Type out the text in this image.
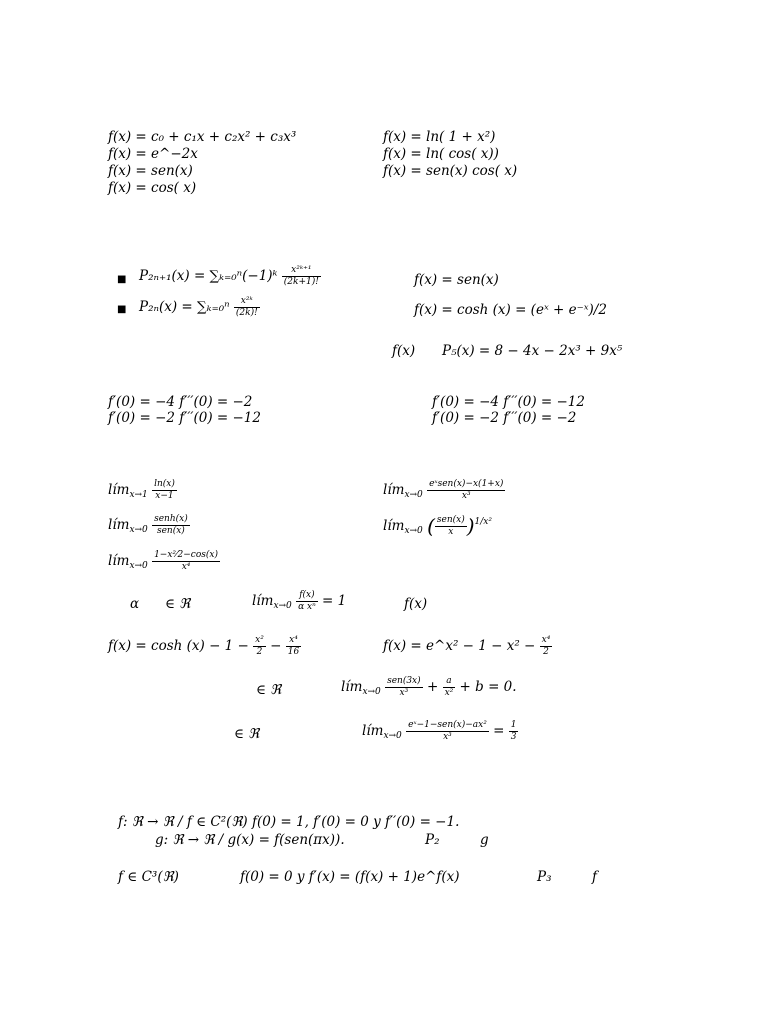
f(x) = c₀ + c₁x + c₂x² + c₃x³
f(x) = e^−2x
f(x) = sen(x)
f(x) = cos( x)
f(x) = ln( 1 + x²)
f(x) = ln( cos( x))
f(x) = sen(x) cos( x)
■ P₂ₙ₊₁(x) = ∑ₖ₌₀ⁿ(−1)ᵏ $\frac{\text{x²ᵏ⁺¹}}{(2k+1)!}$
■ $P_{2n}(x) = \sum_{k=0}^n \frac{\text{x²ᵏ}}{(2k)!}$
f(x) = sen(x)
f(x) = cosh (x) = (eˣ + e⁻ˣ)/2
f(x) P₅(x) = 8 − 4x − 2x³ + 9x⁵
f′(0) = −4 f′′′(0) = −2
f′(0) = −2 f′′′(0) = −12
f′(0) = −4 f′′′(0) = −12
f′(0) = −2 f′′′(0) = −2
lím$_{x\to 1}$ $\frac{\ln(x)}{x-1}$
lím$_{x\to 0}$ $\frac{\text{senh(x)}}{\text{sen(x)}}$
lím$_{x\to 0}$ $\frac{\text{1−x²⁄2−cos(x)}}{\text{x⁴}}$
lím$_{x\to 0}$ $\frac{\text{eˣsen(x)−x(1+x)}}{\text{x³}}$
lím$_{x\to 0}$ ( $\frac{\text{sen(x)}}{x} )^{1/x^2}$
α ∈ ℜ	lím$_{x\to 0}$ $\frac{f(x)}{\text{α xⁿ}} = 1$	f(x)
$f(x) = \cosh (x) - 1 - \frac{\text{x²}}{2} - \frac{\text{x⁴}}{16}$	f(x) = e^x² − $1 - x^2 - \frac{\text{x⁴}}{2}$
∈ ℜ	lím$_{x\to 0}$ $\frac{\text{sen(3x)}}{\text{x³}} + \frac{a}{\text{x²}} + b = 0$.
∈ ℜ	lím$_{x\to 0}$ $\frac{\text{eˣ−1−sen(x)−ax²}}{\text{x³}} = \frac{1}{3}$
f: ℜ → ℜ / f ∈ C²(ℜ) f(0) = 1, f′(0) = 0 y f′′(0) = −1.
g: ℜ → ℜ / g(x) = f(sen(πx)).	P₂	g
f ∈ C³(ℜ)	f(0) = 0 y f′(x) = (f(x) + 1)e^f(x)	P₃	f
